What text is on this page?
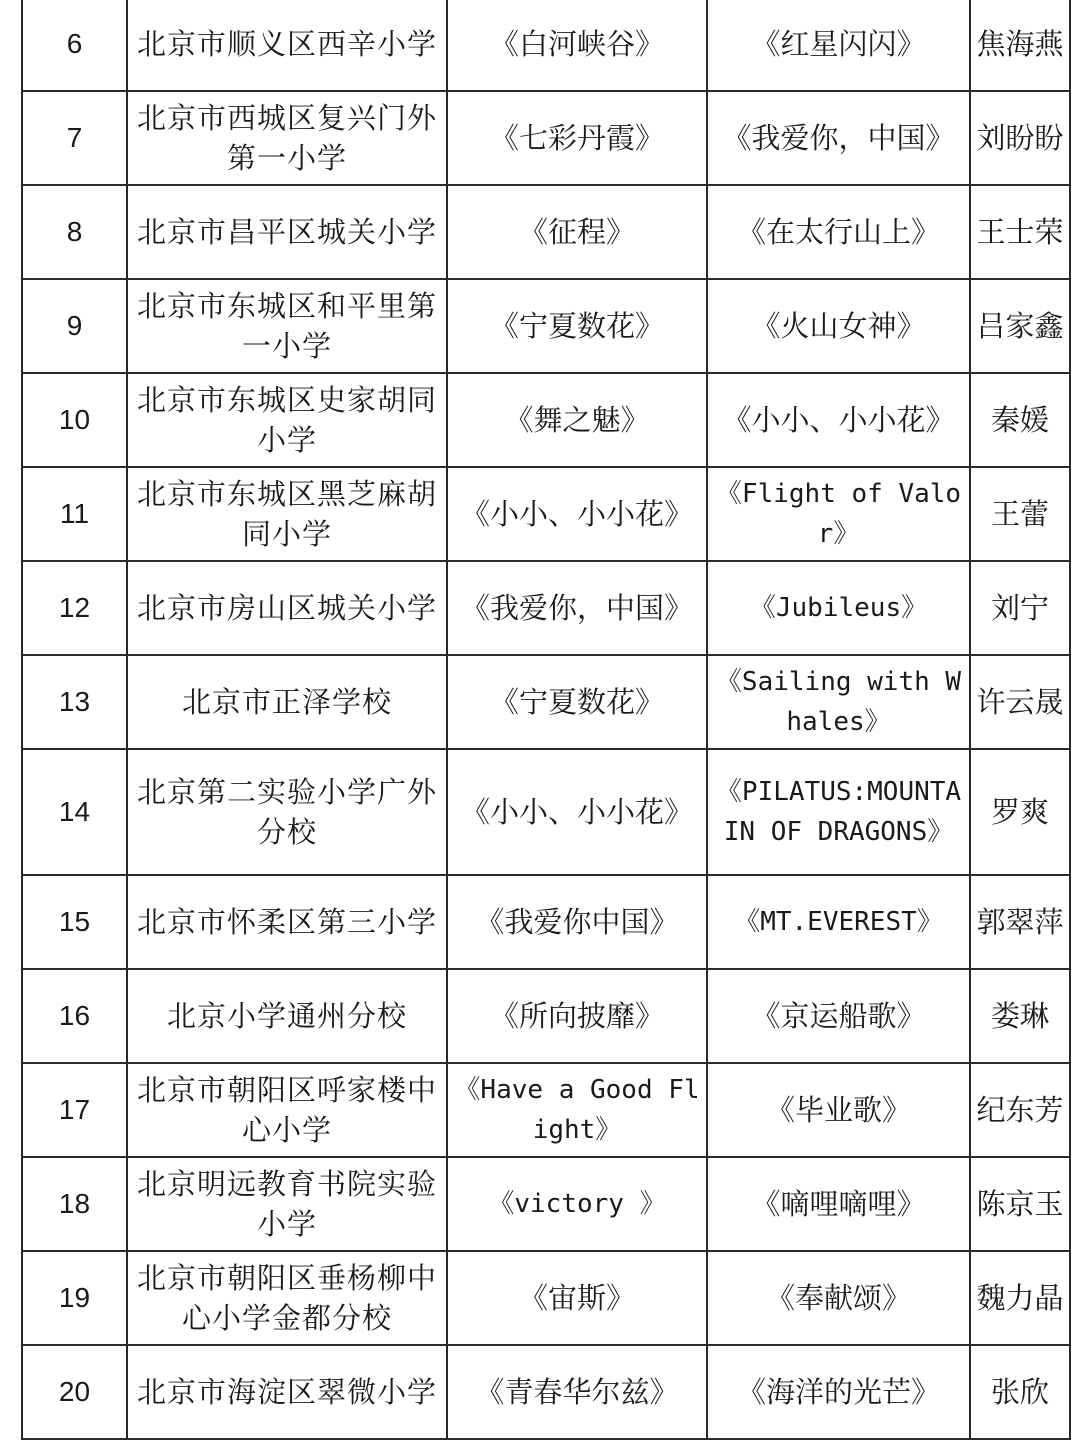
6	北京市顺义区西辛小学	《白河峡谷》	《红星闪闪》	焦海燕
7	北京市西城区复兴门外第一小学	《七彩丹霞》	《我爱你，中国》	刘盼盼
8	北京市昌平区城关小学	《征程》	《在太行山上》	王士荣
9	北京市东城区和平里第一小学	《宁夏数花》	《火山女神》	吕家鑫
10	北京市东城区史家胡同小学	《舞之魅》	《小小、小小花》	秦媛
11	北京市东城区黑芝麻胡同小学	《小小、小小花》	《Flight of Valor》	王蕾
12	北京市房山区城关小学	《我爱你，中国》	《Jubileus》	刘宁
13	北京市正泽学校	《宁夏数花》	《Sailing with Whales》	许云晟
14	北京第二实验小学广外分校	《小小、小小花》	《PILATUS:MOUNTAIN OF DRAGONS》	罗爽
15	北京市怀柔区第三小学	《我爱你中国》	《MT.EVEREST》	郭翠萍
16	北京小学通州分校	《所向披靡》	《京运船歌》	娄琳
17	北京市朝阳区呼家楼中心小学	《Have a Good Flight》	《毕业歌》	纪东芳
18	北京明远教育书院实验小学	《victory 》	《嘀哩嘀哩》	陈京玉
19	北京市朝阳区垂杨柳中心小学金都分校	《宙斯》	《奉献颂》	魏力晶
20	北京市海淀区翠微小学	《青春华尔兹》	《海洋的光芒》	张欣
